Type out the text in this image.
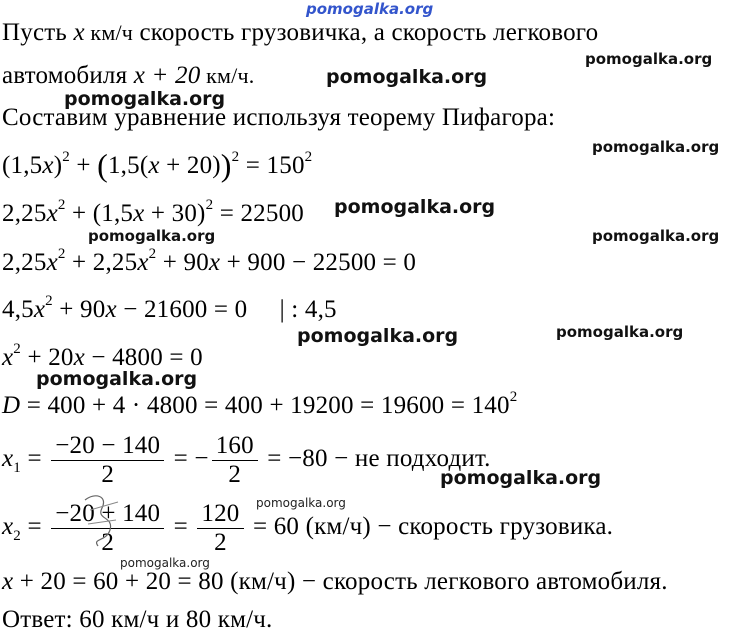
pomogalka.org
Пусть x км/ч скорость грузовичка, а скорость легкового
автомобиля x + 20 км/ч.
Составим уравнение используя теорему Пифагора:
$(1,5x)^2 + (1,5(x + 20))^2 = 150^2$
$2,25x^2 + (1,5x + 30)^2 = 22500$
$2,25x^2 + 2,25x^2 + 90x + 900 - 22500 = 0$
$4,5x^2 + 90x - 21600 = 0$     | : 4,5
$x^2 + 20x - 4800 = 0$
$D = 400 + 4 \cdot 4800 = 400 + 19200 = 19600 = 140^2$
$x_1 = \frac{-20 - 140}{2}$ = − $\frac{160}{2} = -80$ − не подходит.
$x_2 = \frac{-20 + 140}{2} = \frac{120}{2} = 60$ (км/ч) − скорость грузовика.
x + 20 = 60 + 20 = 80 (км/ч) − скорость легкового автомобиля.
Ответ: 60 км/ч и 80 км/ч.
pomogalka.org
pomogalka.org
pomogalka.org
pomogalka.org
pomogalka.org
pomogalka.org	pomogalka.org
pomogalka.org	pomogalka.org
pomogalka.org
pomogalka.org
pomogalka.org
pomogalka.org
